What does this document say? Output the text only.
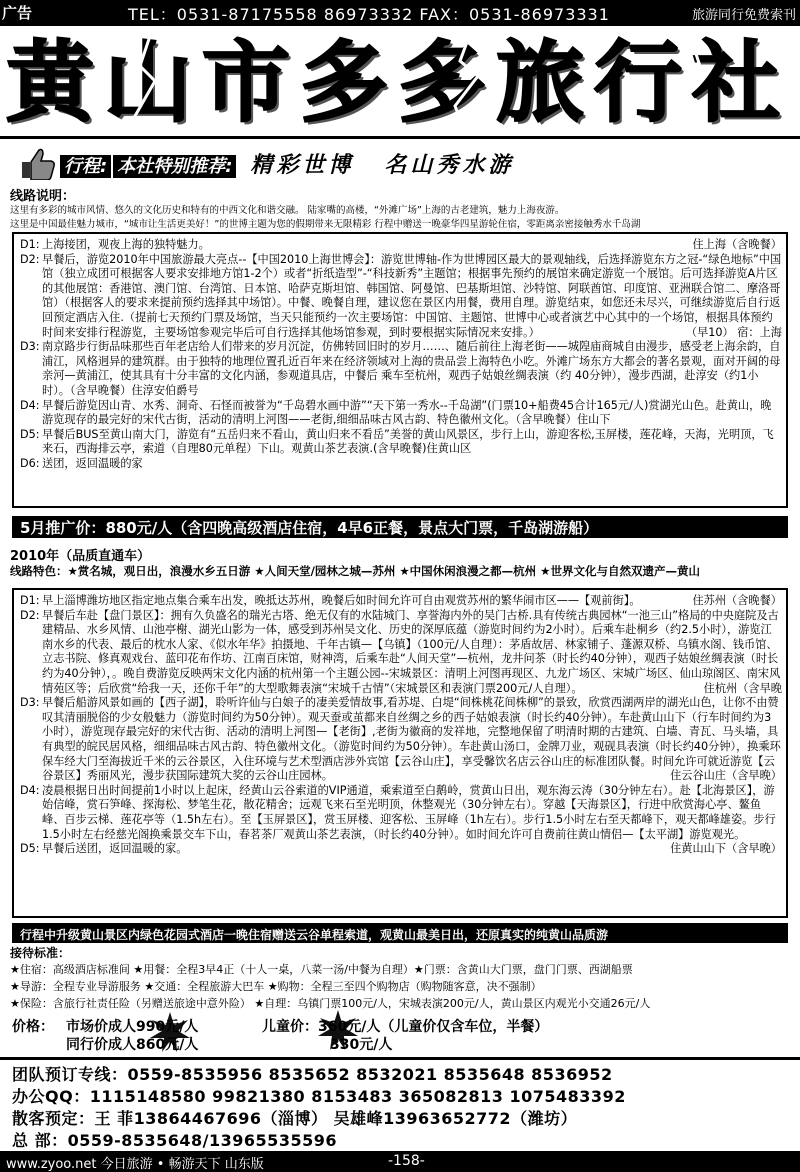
广告	TEL：0531-87175558 86973332 FAX：0531-86973331	旅游同行免费索刊
黄山市多多旅行社
行程: 本社特别推荐: 精彩世博 名山秀水游
线路说明：
这里有多彩的城市风情、悠久的文化历史和特有的中西文化和谐交融。 陆家嘴的高楼，“外滩广场”上海的古老建筑，魅力上海夜游。
这里是中国最佳魅力城市，“城市让生活更美好！”的世博主题为您的假期带来无限精彩 行程中赠送一晚豪华四星游轮住宿，零距离亲密接触秀水千岛湖

D1: 上海接团，观夜上海的独特魅力。	住上海（含晚餐）

D2: 早餐后，游览2010年中国旅游最大亮点--【中国2010上海世博会】：游览世博轴-作为世博园区最大的景观轴线，后选择游览东方之冠-“绿色地标”中国馆（独立成团可根据客人要求安排地方馆1-2个）或者“折纸造型”-“科技新秀”主题馆；根据事先预约的展馆来确定游览一个展馆。后可选择游览A片区的其他展馆：香港馆、澳门馆、台湾馆、日本馆、哈萨克斯坦馆、韩国馆、阿曼馆、巴基斯坦馆、沙特馆、阿联酋馆、印度馆、亚洲联合馆二、摩洛哥馆）（根据客人的要求来提前预约选择其中场馆）。中餐、晚餐自理，建议您在景区内用餐，费用自理。游览结束，如您还未尽兴，可继续游览后自行返回预定酒店入住.（提前七天预约门票及场馆，当天只能预约一次主要场馆：中国馆、主题馆、世博中心或者演艺中心其中的一个场馆，根据具体预约时间来安排行程游览，主要场馆参观完毕后可自行选择其他场馆参观，到时要根据实际情况来安排。）	（早10） 宿：上海

D3: 南京路步行街品味那些百年老店给人们带来的岁月沉淀，仿佛转回旧时的岁月……、随后前往上海老街——城隍庙商城自由漫步，感受老上海余韵，自浦江，风格迥异的建筑群。由于独特的地理位置孔近百年来在经济领域对上海的贵品尝上海特色小吃。外滩广场东方大都会的著名景观，面对开阔的母亲河—黄浦江，使其具有十分丰富的文化内涵，参观道具店，中餐后 乘车至杭州，观西子姑娘丝绸表演（约 40分钟），漫步西湖，赴淳安（约1小时）。（含早晚餐）住淳安伯爵号

D4: 早餐后游览因山青、水秀、洞奇、石怪而被誉为“千岛碧水画中游”“天下第一秀水--千岛湖”(门票10+船费45合计165元/人)赏湖光山色。赴黄山，晚游览现存的最完好的宋代古街，活动的清明上河图——老街,细细品味古风古韵、特色徽州文化。（含早晚餐）住山下

D5: 早餐后BUS至黄山南大门，游览有“五岳归来不看山，黄山归来不看岳”美誉的黄山风景区，步行上山，游迎客松,玉屏楼，莲花峰，天海，光明顶，飞来石，西海排云亭，索道（自理80元单程）下山。观黄山茶艺表演.(含早晚餐)住黄山区

D6: 送团，返回温暖的家

5月推广价：880元/人（含四晚高级酒店住宿，4早6正餐，景点大门票，千岛湖游船）
2010年（品质直通车）
线路特色：★赏名城，观日出，浪漫水乡五日游 ★人间天堂/园林之城—苏州 ★中国休闲浪漫之都—杭州 ★世界文化与自然双遗产—黄山

D1: 早上淄博潍坊地区指定地点集合乘车出发，晚抵达苏州，晚餐后如时间允许可自由观赏苏州的繁华闹市区——【观前街】。	住苏州（含晚餐）

D2: 早餐后车赴【盘门景区】：拥有久负盛名的瑞光古塔、绝无仅有的水陆城门、享誉海内外的吴门古桥.具有传统古典园林“一池三山”格局的中央庭院及古建精品、水乡风情、山池亭榭、湖光山影为一体，感受到苏州吴文化、历史的深厚底蕴（游览时间约为2小时）。后乘车赴桐乡（约2.5小时），游览江南水乡的代表、最后的枕水人家、《似水年华》拍摄地、千年古镇—【乌镇】（100元/人自理）：茅盾故居、林家铺子、蓬源双桥、乌镇水阁、钱币馆、立志书院、修真观戏台、蓝印花布作坊、江南百床馆，财神湾，后乘车赴“人间天堂”—杭州，龙井问茶（时长约40分钟），观西子姑娘丝绸表演（时长约为40分钟），。晚自费游览反映两宋文化内涵的杭州第一个主题公园--宋城景区：清明上河图再现区、九龙广场区、宋城广场区、仙山琼阁区、南宋风情苑区等；后欣赏“给我一天，还你千年”的大型歌舞表演“宋城千古情”（宋城景区和表演门票200元/人自理）。	住杭州（含早晚

D3: 早餐后船游风景如画的【西子湖】，聆听许仙与白娘子的凄美爱情故事,看苏堤、白堤“间株桃花间株柳”的景致，欣赏西湖两岸的湖光山色，让你不由赞叹其清丽脱俗的少女般魅力（游览时间约为50分钟）。观天蚕或茧都来自丝绸之乡的西子姑娘表演（时长约40分钟）。车赴黄山山下（行车时间约为3小时），游览现存最完好的宋代古街、活动的清明上河图—【老街】,老街为徽商的发祥地，完整地保留了明清时期的古建筑、白墙、青瓦、马头墙，具有典型的皖民居风格，细细品味古风古韵、特色徽州文化。（游览时间约为50分钟）。车赴黄山汤口，金牌刀业，观砚具表演（时长约40分钟），换乘环保车经大门至海拔近千米的云谷景区，入住环境与艺术型酒店涉外宾馆【云谷山庄】，享受馨饮名店云谷山庄的标准团队餐。时间允许可就近游览【云谷景区】秀丽风光，漫步获国际建筑大奖的云谷山庄园林。	住云谷山庄（含早晚）

D4: 凌晨根据日出时间提前1小时以上起床，经黄山云谷索道的VIP通道，乘索道至白鹅岭，赏黄山日出，观东海云涛（30分钟左右）。赴【北海景区】，游始信峰，赏石笋峰、探海松、梦笔生花，散花精舍；远观飞来石至光明顶，休整观光（30分钟左右）。穿越【天海景区】，行进中欣赏海心亭、鳌鱼峰、百步云梯、莲花亭等（1.5h左右）。至【玉屏景区】，赏玉屏楼、迎客松、玉屏峰（1h左右）。步行1.5小时左右至天都峰下，观天都峰雄姿。步行1.5小时左右经慈光阁换乘景交车下山，春茗茶厂观黄山茶艺表演，（时长约40分钟）。如时间允许可自费前往黄山情侣—【太平湖】游览观光。
住黄山山下（含早晚）

D5: 早餐后送团，返回温暖的家。

行程中升级黄山景区内绿色花园式酒店一晚住宿赠送云谷单程索道，观黄山最美日出，还原真实的纯黄山品质游
接待标准：
★住宿：高级酒店标准间 ★用餐：全程3早4正（十人一桌，八菜一汤/中餐为自理）★门票：含黄山大门票，盘门门票、西湖船票
★导游：全程专业导游服务 ★交通：全程旅游大巴车 ★购物：全程三至四个购物店（购物随客意，决不强制）
★保险：含旅行社责任险（另赠送旅途中意外险） ★自理：乌镇门票100元/人，宋城表演200元/人，黄山景区内观光小交通26元/人
价格： 市场价成人990元/人	儿童价：360元/人（儿童价仅含车位，半餐）
同行价成人860元/人	330元/人
团队预订专线：0559-8535956 8535652 8532021 8535648 8536952
办公QQ：1115148580 99821380 8153483 365082813 1075483392
散客预定：王 菲13864467696（淄博） 吴雄峰13963652772（潍坊）
总 部：0559-8535648/13965535596
www.zyoo.net 今日旅游 • 畅游天下 山东版	-158-
